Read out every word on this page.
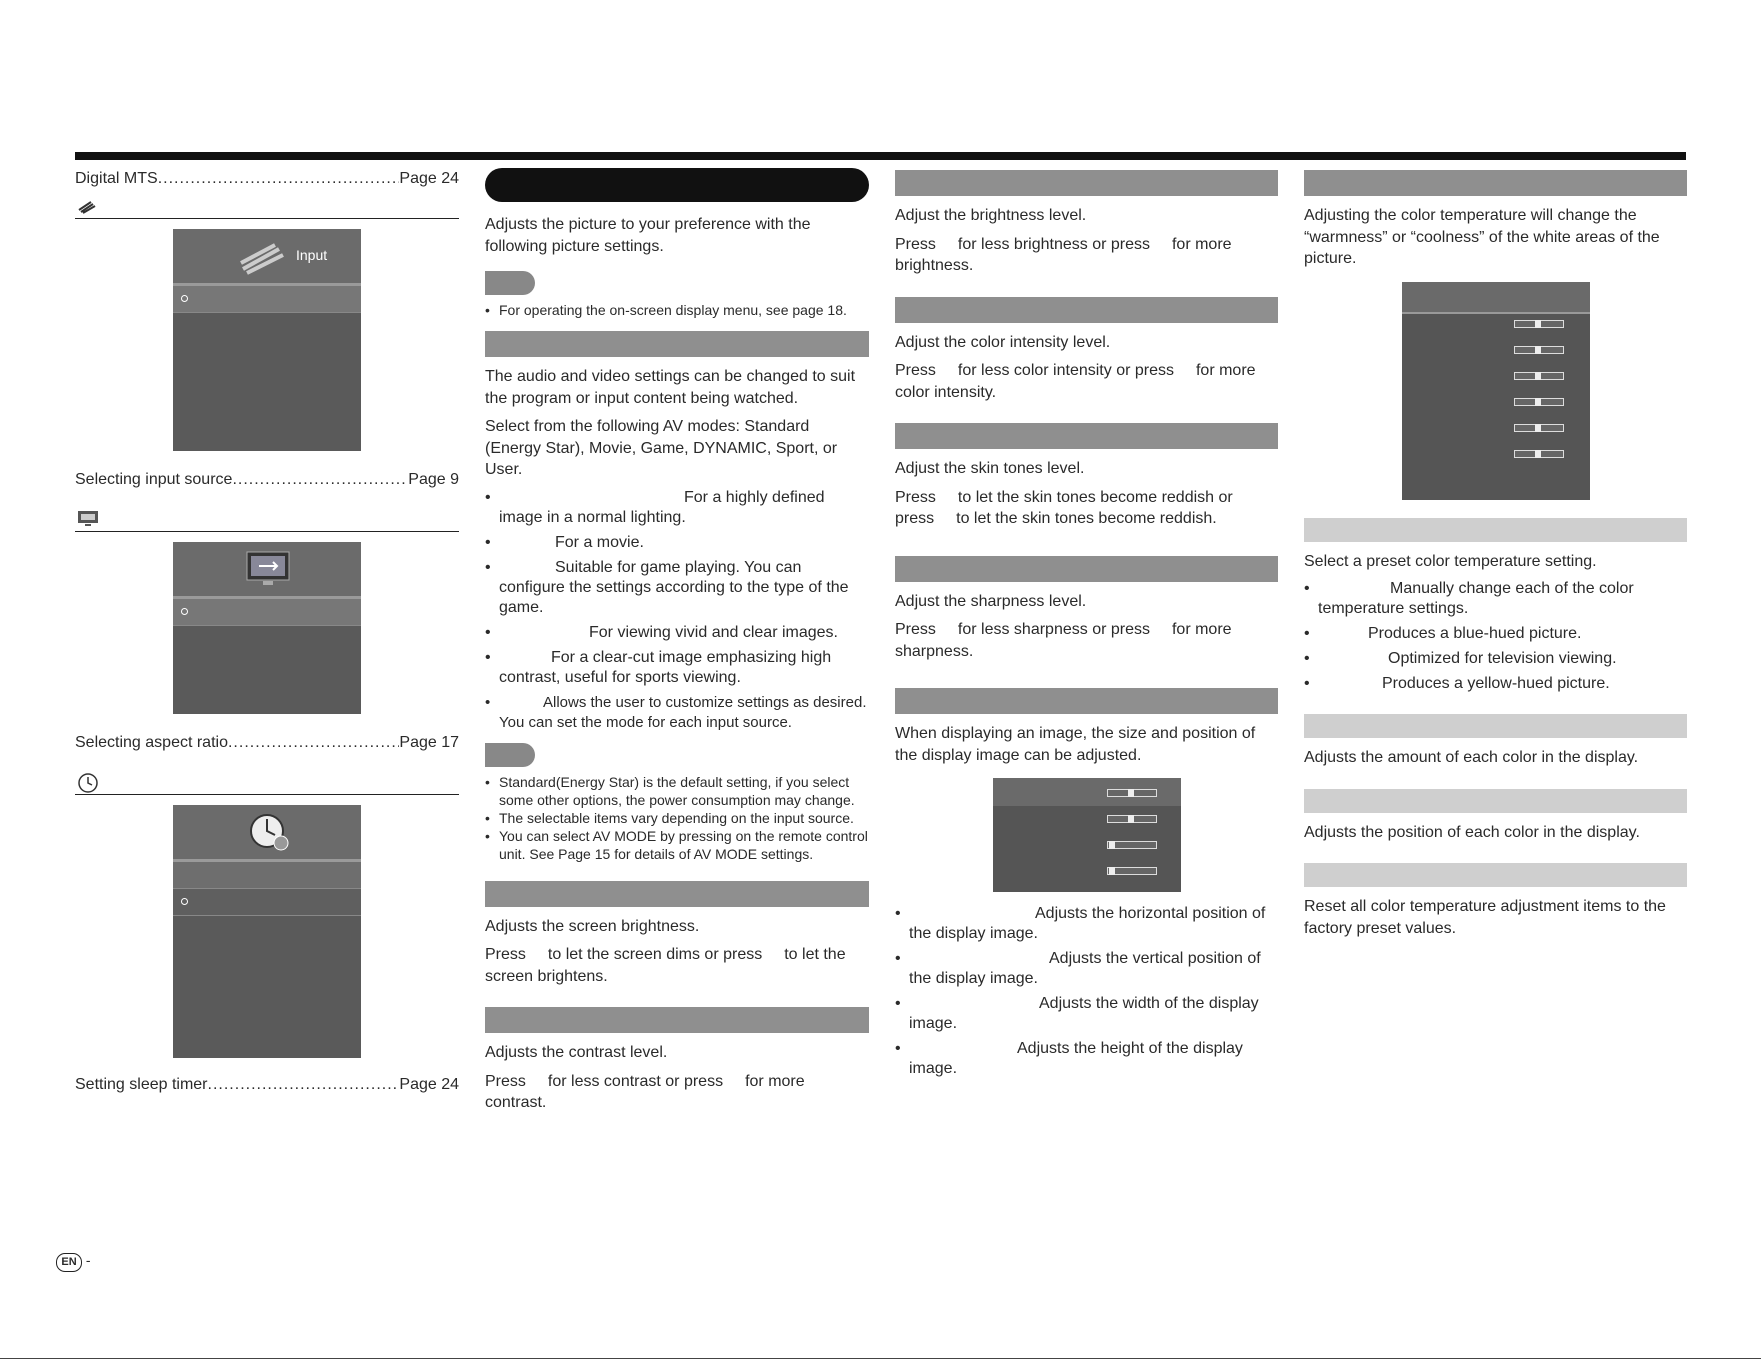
Digital MTS .....	Page 24
Input
Selecting input source .....	Page 9
Selecting aspect ratio .....	Page 17
Setting sleep timer .....	Page 24

Adjusts the picture to your preference with the following picture settings.

• For operating the on-screen display menu, see page 18.

The audio and video settings can be changed to suit the program or input content being watched.

Select from the following AV modes: Standard (Energy Star), Movie, Game, DYNAMIC, Sport, or User.

• For a highly defined image in a normal lighting.
• For a movie.
• Suitable for game playing. You can configure the settings according to the type of the game.
• For viewing vivid and clear images.
• For a clear-cut image emphasizing high contrast, useful for sports viewing.
• Allows the user to customize settings as desired. You can set the mode for each input source.

• Standard(Energy Star) is the default setting, if you select some other options, the power consumption may change.

• The selectable items vary depending on the input source.

• You can select AV MODE by pressing on the remote control unit. See Page 15 for details of AV MODE settings.

Adjusts the screen brightness.

Press to let the screen dims or press to let the screen brightens.

Adjusts the contrast level.

Press for less contrast or press for more contrast.

Adjust the brightness level.

Press for less brightness or press for more brightness.

Adjust the color intensity level.

Press for less color intensity or press for more color intensity.

Adjust the skin tones level.

Press to let the skin tones become reddish or
press to let the skin tones become reddish.

Adjust the sharpness level.

Press for less sharpness or press for more sharpness.

When displaying an image, the size and position of the display image can be adjusted.

• Adjusts the horizontal position of the display image.
• Adjusts the vertical position of the display image.
• Adjusts the width of the display image.
• Adjusts the height of the display image.

Adjusting the color temperature will change the “warmness” or “coolness” of the white areas of the picture.

Select a preset color temperature setting.

• Manually change each of the color temperature settings.
• Produces a blue-hued picture.
• Optimized for television viewing.
• Produces a yellow-hued picture.

Adjusts the amount of each color in the display.

Adjusts the position of each color in the display.

Reset all color temperature adjustment items to the factory preset values.

EN -
